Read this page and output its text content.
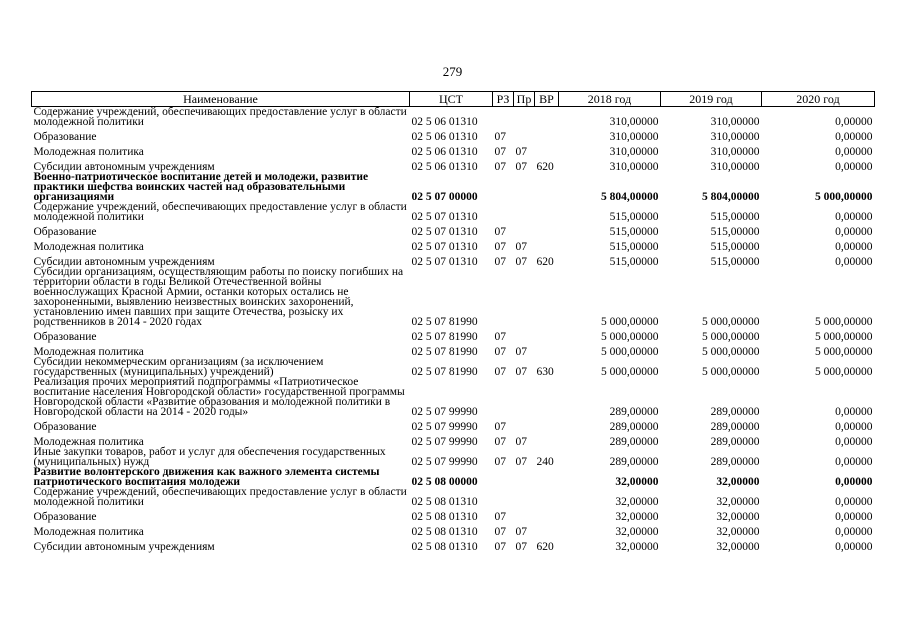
279
Наименование	ЦСТ	РЗ	Пр	ВР	2018 год	2019 год	2020 год
Содержание учреждений, обеспечивающих предоставление услуг в области молодежной политики	02 5 06 01310				310,00000	310,00000	0,00000
Образование	02 5 06 01310	07			310,00000	310,00000	0,00000
Молодежная политика	02 5 06 01310	07	07		310,00000	310,00000	0,00000
Субсидии автономным учреждениям	02 5 06 01310	07	07	620	310,00000	310,00000	0,00000
Военно-патриотическое воспитание детей и молодежи, развитие практики шефства воинских частей над образовательными организациями	02 5 07 00000				5 804,00000	5 804,00000	5 000,00000
Содержание учреждений, обеспечивающих предоставление услуг в области молодежной политики	02 5 07 01310				515,00000	515,00000	0,00000
Образование	02 5 07 01310	07			515,00000	515,00000	0,00000
Молодежная политика	02 5 07 01310	07	07		515,00000	515,00000	0,00000
Субсидии автономным учреждениям	02 5 07 01310	07	07	620	515,00000	515,00000	0,00000
Субсидии организациям, осуществляющим работы по поиску погибших на территории области в годы Великой Отечественной войны военнослужащих Красной Армии, останки которых остались не захороненными, выявлению неизвестных воинских захоронений, установлению имен павших при защите Отечества, розыску их родственников в 2014 - 2020 годах	02 5 07 81990				5 000,00000	5 000,00000	5 000,00000
Образование	02 5 07 81990	07			5 000,00000	5 000,00000	5 000,00000
Молодежная политика	02 5 07 81990	07	07		5 000,00000	5 000,00000	5 000,00000
Субсидии некоммерческим организациям (за исключением государственных (муниципальных) учреждений)	02 5 07 81990	07	07	630	5 000,00000	5 000,00000	5 000,00000
Реализация прочих мероприятий подпрограммы «Патриотическое воспитание населения Новгородской области» государственной программы Новгородской области «Развитие образования и молодежной политики в Новгородской области на 2014 - 2020 годы»	02 5 07 99990				289,00000	289,00000	0,00000
Образование	02 5 07 99990	07			289,00000	289,00000	0,00000
Молодежная политика	02 5 07 99990	07	07		289,00000	289,00000	0,00000
Иные закупки товаров, работ и услуг для обеспечения государственных (муниципальных) нужд	02 5 07 99990	07	07	240	289,00000	289,00000	0,00000
Развитие волонтерского движения как важного элемента системы патриотического воспитания молодежи	02 5 08 00000				32,00000	32,00000	0,00000
Содержание учреждений, обеспечивающих предоставление услуг в области молодежной политики	02 5 08 01310				32,00000	32,00000	0,00000
Образование	02 5 08 01310	07			32,00000	32,00000	0,00000
Молодежная политика	02 5 08 01310	07	07		32,00000	32,00000	0,00000
Субсидии автономным учреждениям	02 5 08 01310	07	07	620	32,00000	32,00000	0,00000
